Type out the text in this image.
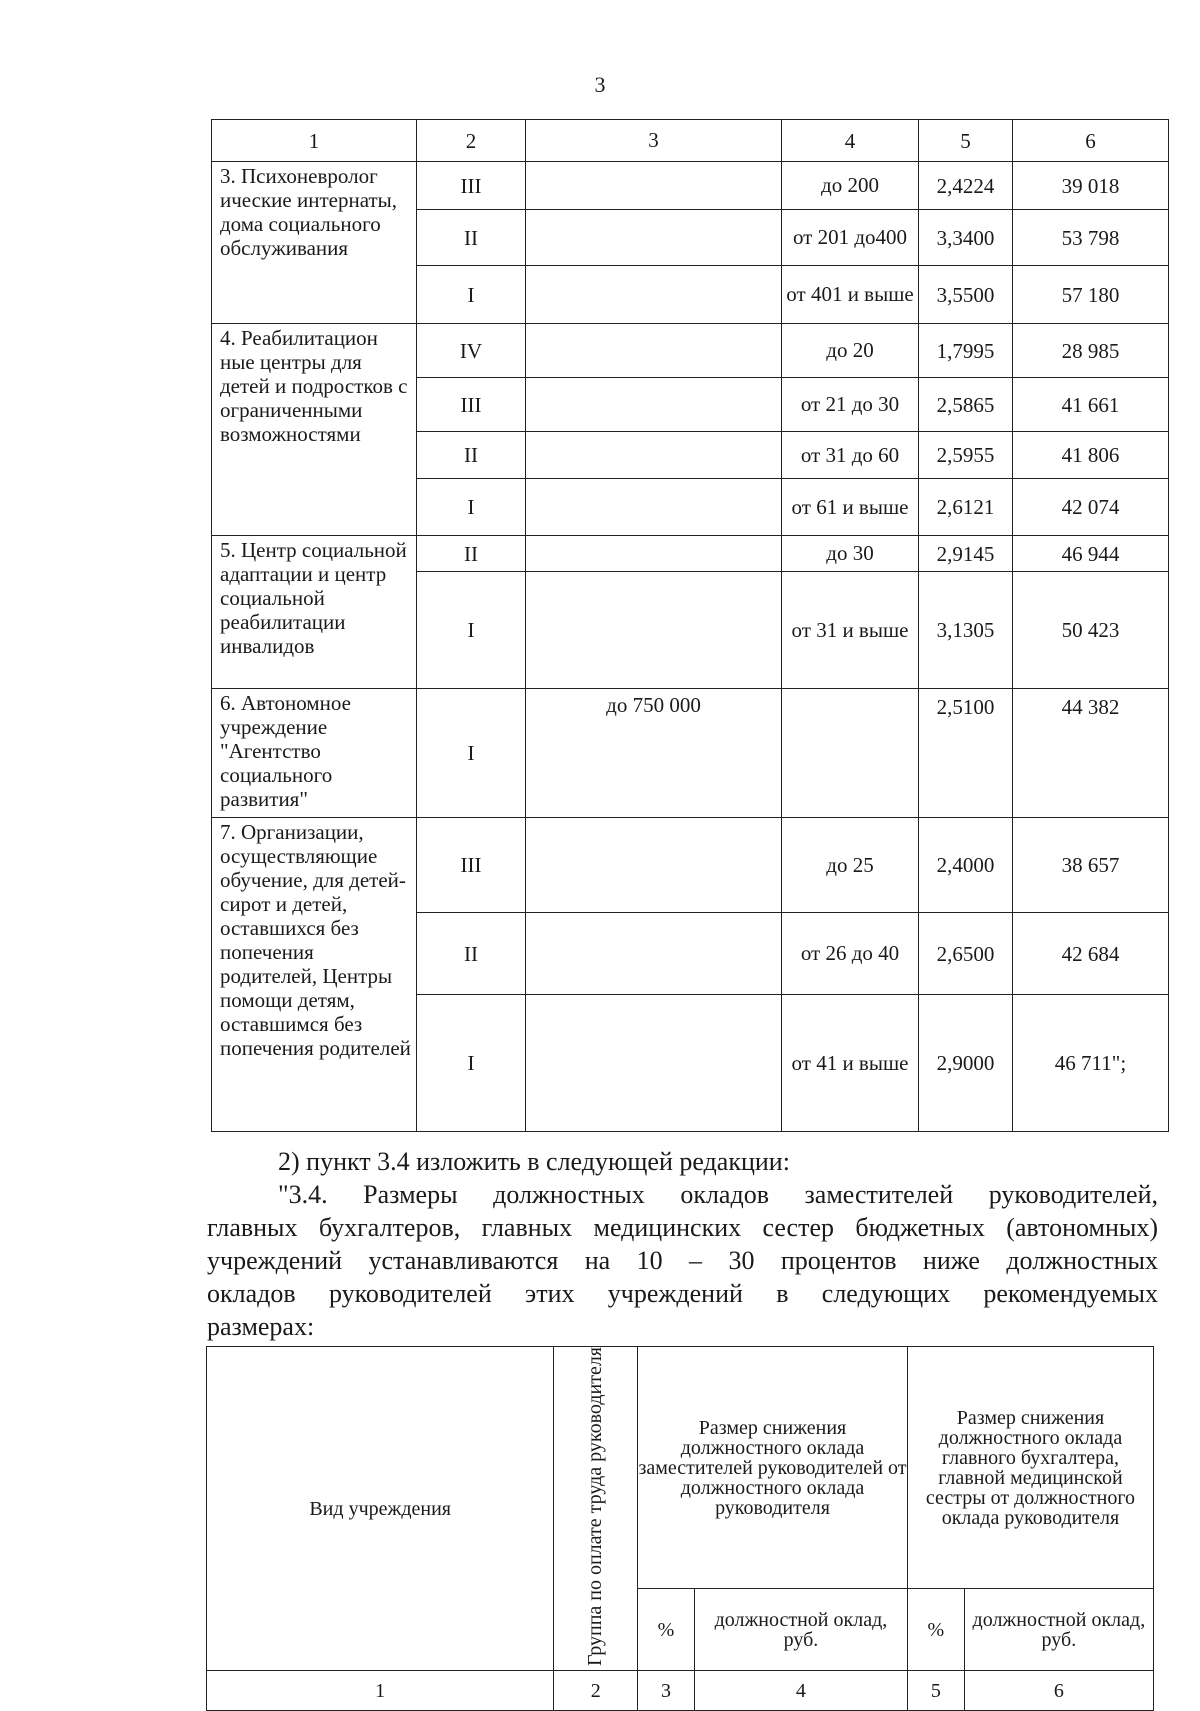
3
1	2	3	4	5	6
3. Психоневролог ические интернаты, дома социального обслуживания	III		до 200	2,4224	39 018
	II		от 201 до400	3,3400	53 798
	I		от 401 и выше	3,5500	57 180
4. Реабилитацион ные центры для детей и подростков с ограниченными возможностями	IV		до 20	1,7995	28 985
	III		от 21 до 30	2,5865	41 661
	II		от 31 до 60	2,5955	41 806
	I		от 61 и выше	2,6121	42 074
5. Центр социальной адаптации и центр социальной реабилитации инвалидов	II		до 30	2,9145	46 944
	I		от 31 и выше	3,1305	50 423
6. Автономное учреждение "Агентство социального развития"	I	до 750 000		2,5100	44 382
7. Организации, осуществляющие обучение, для детей-сирот и детей, оставшихся без попечения родителей, Центры помощи детям, оставшимся без попечения родителей	III		до 25	2,4000	38 657
	II		от 26 до 40	2,6500	42 684
	I		от 41 и выше	2,9000	46 711";

2) пункт 3.4 изложить в следующей редакции:

"3.4. Размеры должностных окладов заместителей руководителей, главных бухгалтеров, главных медицинских сестер бюджетных (автономных) учреждений устанавливаются на 10 – 30 процентов ниже должностных окладов руководителей этих учреждений в следующих рекомендуемых размерах:

Вид учреждения	Группа по оплате труда руководителя	Размер снижения должностного оклада заместителей руководителей от должностного оклада руководителя		Размер снижения должностного оклада главного бухгалтера, главной медицинской сестры от должностного оклада руководителя	
		%	должностной оклад, руб.	%	должностной оклад, руб.
1	2	3	4	5	6
